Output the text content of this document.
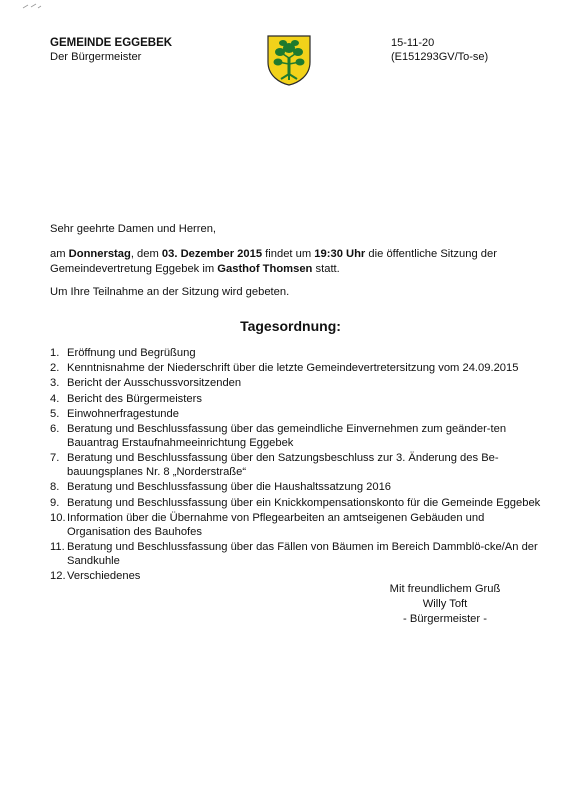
GEMEINDE EGGEBEK
Der Bürgermeister
15-11-20
(E151293GV/To-se)
Sehr geehrte Damen und Herren,
am Donnerstag, dem 03. Dezember 2015 findet um 19:30 Uhr die öffentliche Sitzung der Gemeindevertretung Eggebek im Gasthof Thomsen statt.
Um Ihre Teilnahme an der Sitzung wird gebeten.
Tagesordnung:
1. Eröffnung und Begrüßung
2. Kenntnisnahme der Niederschrift über die letzte Gemeindevertretersitzung vom 24.09.2015
3. Bericht der Ausschussvorsitzenden
4. Bericht des Bürgermeisters
5. Einwohnerfragestunde
6. Beratung und Beschlussfassung über das gemeindliche Einvernehmen zum geänder-ten Bauantrag Erstaufnahmeeinrichtung Eggebek
7. Beratung und Beschlussfassung über den Satzungsbeschluss zur 3. Änderung des Be-bauungsplanes Nr. 8 „Norderstraße“
8. Beratung und Beschlussfassung über die Haushaltssatzung 2016
9. Beratung und Beschlussfassung über ein Knickkompensationskonto für die Gemeinde Eggebek
10. Information über die Übernahme von Pflegearbeiten an amtseigenen Gebäuden und Organisation des Bauhofes
11. Beratung und Beschlussfassung über das Fällen von Bäumen im Bereich Dammblö-cke/An der Sandkuhle
12. Verschiedenes
Mit freundlichem Gruß
Willy Toft
- Bürgermeister -
